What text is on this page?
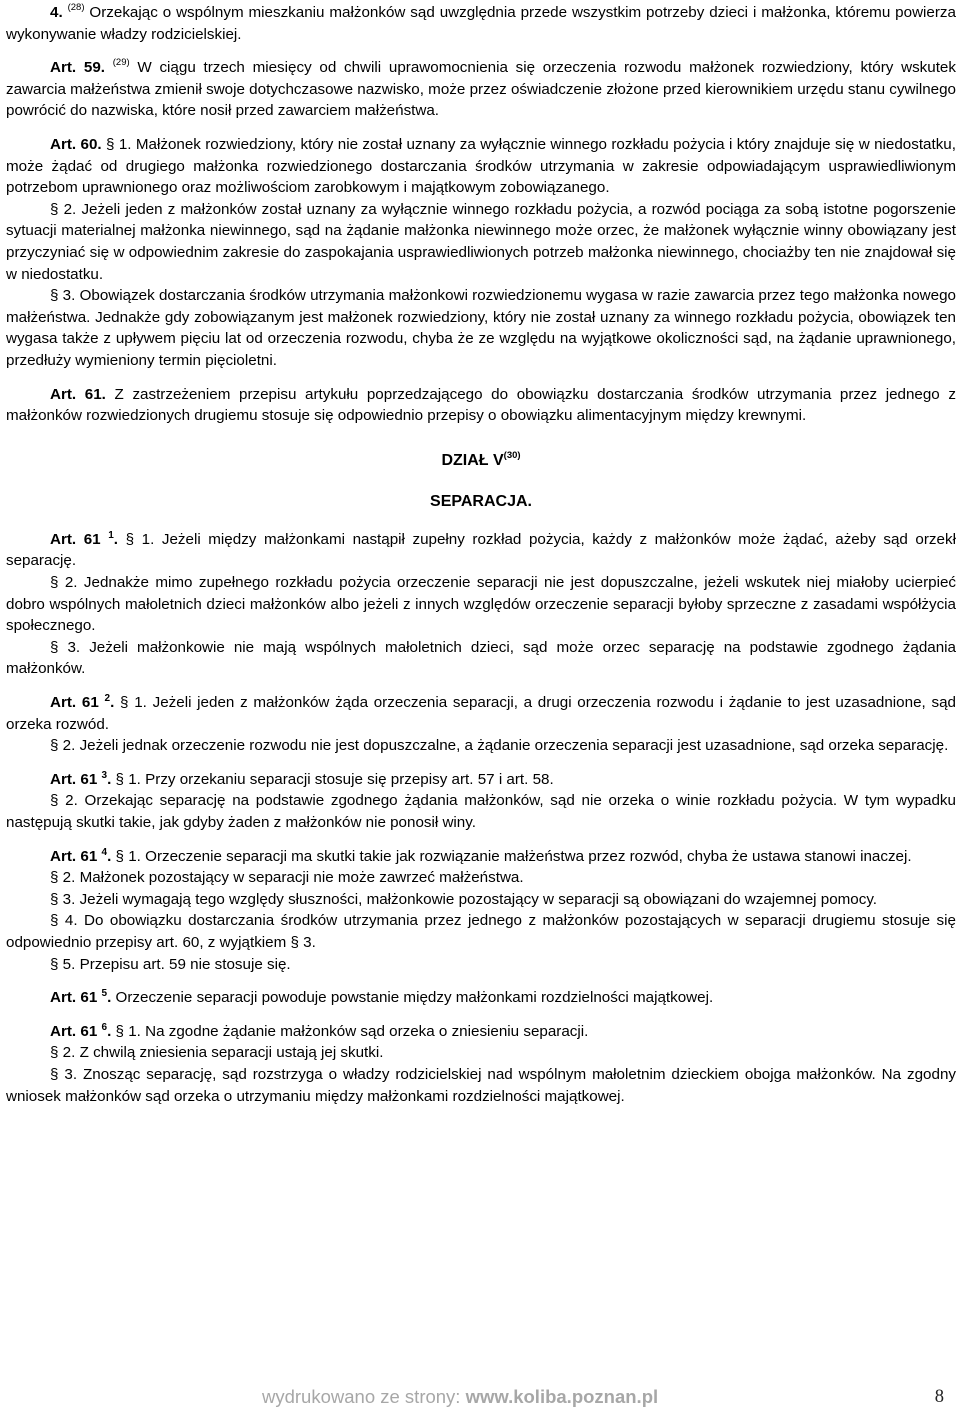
4. $^{(28)}$ Orzekając o wspólnym mieszkaniu małżonków sąd uwzględnia przede wszystkim potrzeby dzieci i małżonka, któremu powierza wykonywanie władzy rodzicielskiej.

Art. 59. $^{(29)}$ W ciągu trzech miesięcy od chwili uprawomocnienia się orzeczenia rozwodu małżonek rozwiedziony, który wskutek zawarcia małżeństwa zmienił swoje dotychczasowe nazwisko, może przez oświadczenie złożone przed kierownikiem urzędu stanu cywilnego powrócić do nazwiska, które nosił przed zawarciem małżeństwa.

Art. 60. § 1. Małżonek rozwiedziony, który nie został uznany za wyłącznie winnego rozkładu pożycia i który znajduje się w niedostatku, może żądać od drugiego małżonka rozwiedzionego dostarczania środków utrzymania w zakresie odpowiadającym usprawiedliwionym potrzebom uprawnionego oraz możliwościom zarobkowym i majątkowym zobowiązanego.

§ 2. Jeżeli jeden z małżonków został uznany za wyłącznie winnego rozkładu pożycia, a rozwód pociąga za sobą istotne pogorszenie sytuacji materialnej małżonka niewinnego, sąd na żądanie małżonka niewinnego może orzec, że małżonek wyłącznie winny obowiązany jest przyczyniać się w odpowiednim zakresie do zaspokajania usprawiedliwionych potrzeb małżonka niewinnego, chociażby ten nie znajdował się w niedostatku.

§ 3. Obowiązek dostarczania środków utrzymania małżonkowi rozwiedzionemu wygasa w razie zawarcia przez tego małżonka nowego małżeństwa. Jednakże gdy zobowiązanym jest małżonek rozwiedziony, który nie został uznany za winnego rozkładu pożycia, obowiązek ten wygasa także z upływem pięciu lat od orzeczenia rozwodu, chyba że ze względu na wyjątkowe okoliczności sąd, na żądanie uprawnionego, przedłuży wymieniony termin pięcioletni.

Art. 61. Z zastrzeżeniem przepisu artykułu poprzedzającego do obowiązku dostarczania środków utrzymania przez jednego z małżonków rozwiedzionych drugiemu stosuje się odpowiednio przepisy o obowiązku alimentacyjnym między krewnymi.

DZIAŁ $V^{(30)}$

SEPARACJA.

Art. 61 $^1$. § 1. Jeżeli między małżonkami nastąpił zupełny rozkład pożycia, każdy z małżonków może żądać, ażeby sąd orzekł separację.

§ 2. Jednakże mimo zupełnego rozkładu pożycia orzeczenie separacji nie jest dopuszczalne, jeżeli wskutek niej miałoby ucierpieć dobro wspólnych małoletnich dzieci małżonków albo jeżeli z innych względów orzeczenie separacji byłoby sprzeczne z zasadami współżycia społecznego.

§ 3. Jeżeli małżonkowie nie mają wspólnych małoletnich dzieci, sąd może orzec separację na podstawie zgodnego żądania małżonków.

Art. 61 $^2$. § 1. Jeżeli jeden z małżonków żąda orzeczenia separacji, a drugi orzeczenia rozwodu i żądanie to jest uzasadnione, sąd orzeka rozwód.

§ 2. Jeżeli jednak orzeczenie rozwodu nie jest dopuszczalne, a żądanie orzeczenia separacji jest uzasadnione, sąd orzeka separację.

Art. 61 $^3$. § 1. Przy orzekaniu separacji stosuje się przepisy art. 57 i art. 58.

§ 2. Orzekając separację na podstawie zgodnego żądania małżonków, sąd nie orzeka o winie rozkładu pożycia. W tym wypadku następują skutki takie, jak gdyby żaden z małżonków nie ponosił winy.

Art. 61 $^4$. § 1. Orzeczenie separacji ma skutki takie jak rozwiązanie małżeństwa przez rozwód, chyba że ustawa stanowi inaczej.

§ 2. Małżonek pozostający w separacji nie może zawrzeć małżeństwa.

§ 3. Jeżeli wymagają tego względy słuszności, małżonkowie pozostający w separacji są obowiązani do wzajemnej pomocy.

§ 4. Do obowiązku dostarczania środków utrzymania przez jednego z małżonków pozostających w separacji drugiemu stosuje się odpowiednio przepisy art. 60, z wyjątkiem § 3.

§ 5. Przepisu art. 59 nie stosuje się.

Art. 61 $^5$. Orzeczenie separacji powoduje powstanie między małżonkami rozdzielności majątkowej.

Art. 61 $^6$. § 1. Na zgodne żądanie małżonków sąd orzeka o zniesieniu separacji.

§ 2. Z chwilą zniesienia separacji ustają jej skutki.

§ 3. Znosząc separację, sąd rozstrzyga o władzy rodzicielskiej nad wspólnym małoletnim dzieckiem obojga małżonków. Na zgodny wniosek małżonków sąd orzeka o utrzymaniu między małżonkami rozdzielności majątkowej.

wydrukowano ze strony: www.koliba.poznan.pl	8
